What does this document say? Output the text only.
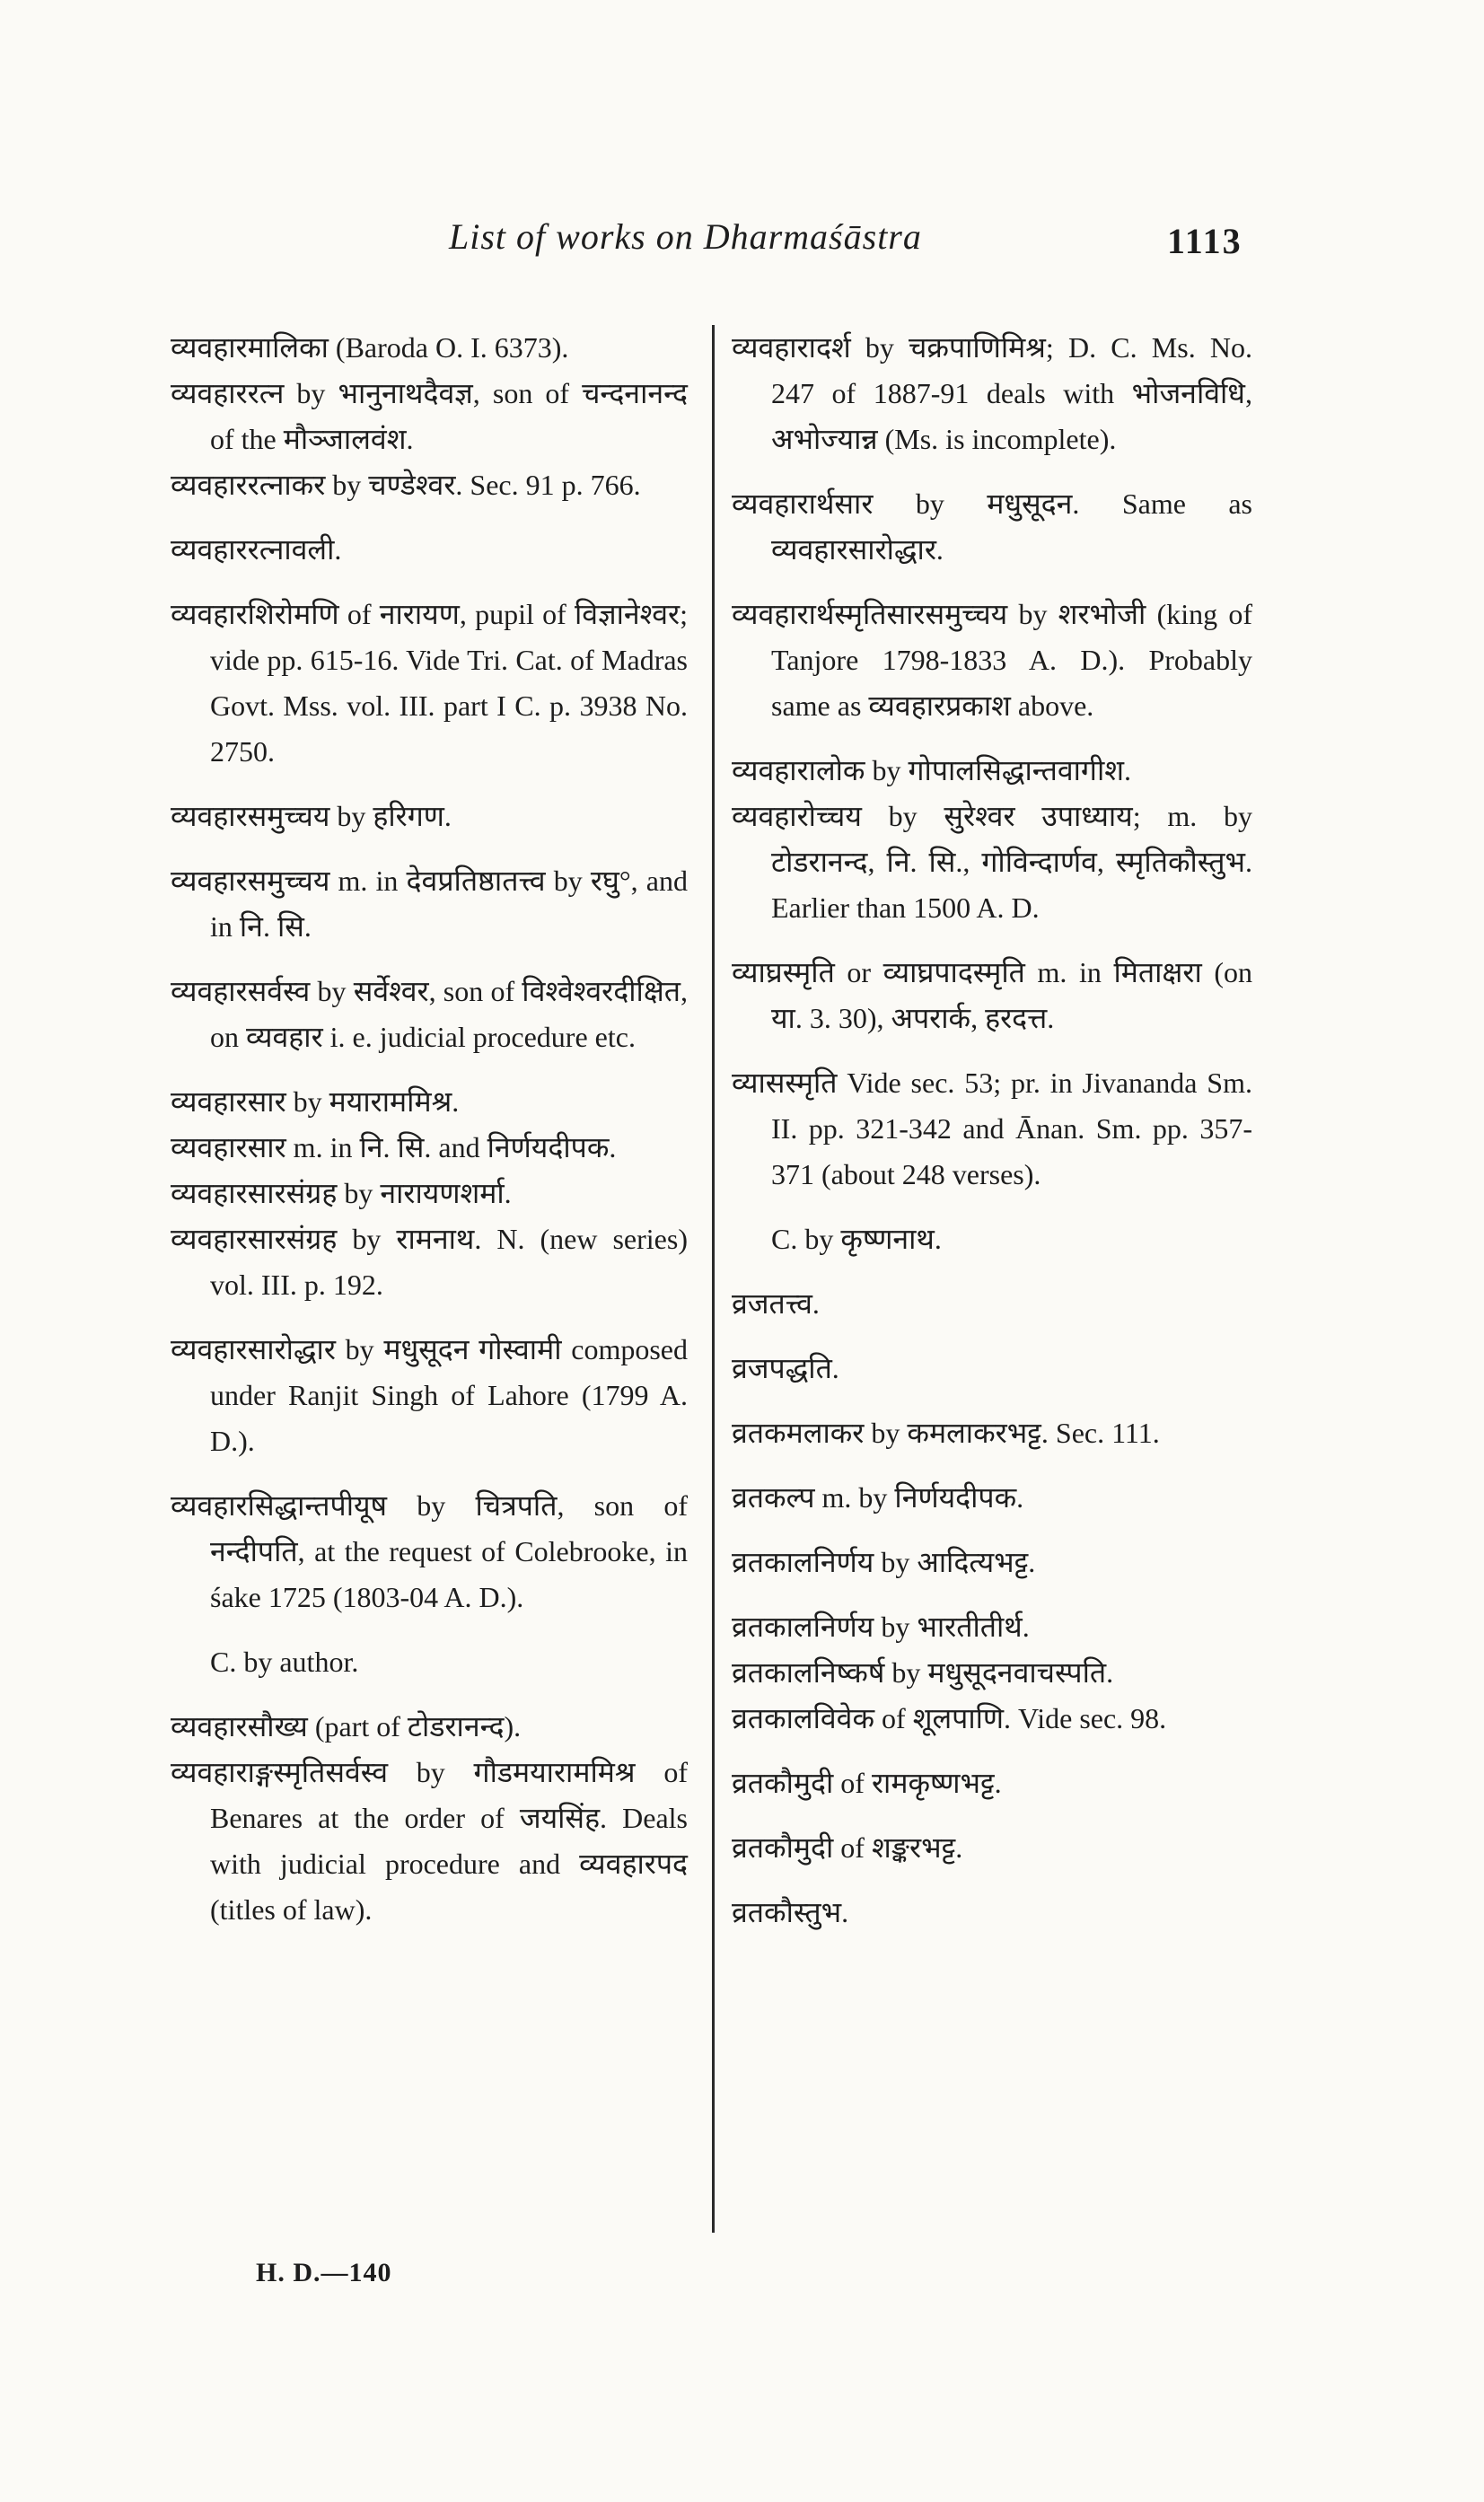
List of works on Dharmaśāstra	1113

व्यवहारमालिका (Baroda O. I. 6373).

व्यवहाररत्न by भानुनाथदैवज्ञ, son of चन्दनानन्द of the मौञ्जालवंश.

व्यवहाररत्नाकर by चण्डेश्वर. Sec. 91 p. 766.

व्यवहाररत्नावली.

व्यवहारशिरोमणि of नारायण, pupil of विज्ञानेश्वर; vide pp. 615-16. Vide Tri. Cat. of Madras Govt. Mss. vol. III. part I C. p. 3938 No. 2750.

व्यवहारसमुच्चय by हरिगण.

व्यवहारसमुच्चय m. in देवप्रतिष्ठातत्त्व by रघु°, and in नि. सि.

व्यवहारसर्वस्व by सर्वेश्वर, son of विश्वेश्वरदीक्षित, on व्यवहार i. e. judicial procedure etc.

व्यवहारसार by मयाराममिश्र.

व्यवहारसार m. in नि. सि. and निर्णयदीपक.

व्यवहारसारसंग्रह by नारायणशर्मा.

व्यवहारसारसंग्रह by रामनाथ. N. (new series) vol. III. p. 192.

व्यवहारसारोद्धार by मधुसूदन गोस्वामी composed under Ranjit Singh of Lahore (1799 A. D.).

व्यवहारसिद्धान्तपीयूष by चित्रपति, son of नन्दीपति, at the request of Colebrooke, in śake 1725 (1803-04 A. D.).

C. by author.

व्यवहारसौख्य (part of टोडरानन्द).

व्यवहाराङ्गस्मृतिसर्वस्व by गौडमयाराममिश्र of Benares at the order of जयसिंह. Deals with judicial procedure and व्यवहारपद (titles of law).

व्यवहारादर्श by चक्रपाणिमिश्र; D. C. Ms. No. 247 of 1887-91 deals with भोजनविधि, अभोज्यान्न (Ms. is incomplete).

व्यवहारार्थसार by मधुसूदन. Same as व्यवहारसारोद्धार.

व्यवहारार्थस्मृतिसारसमुच्चय by शरभोजी (king of Tanjore 1798-1833 A. D.). Probably same as व्यवहारप्रकाश above.

व्यवहारालोक by गोपालसिद्धान्तवागीश.

व्यवहारोच्चय by सुरेश्वर उपाध्याय; m. by टोडरानन्द, नि. सि., गोविन्दार्णव, स्मृतिकौस्तुभ. Earlier than 1500 A. D.

व्याघ्रस्मृति or व्याघ्रपादस्मृति m. in मिताक्षरा (on या. 3. 30), अपरार्क, हरदत्त.

व्यासस्मृति Vide sec. 53; pr. in Jivananda Sm. II. pp. 321-342 and Ānan. Sm. pp. 357-371 (about 248 verses).

C. by कृष्णनाथ.

व्रजतत्त्व.

व्रजपद्धति.

व्रतकमलाकर by कमलाकरभट्ट. Sec. 111.

व्रतकल्प m. by निर्णयदीपक.

व्रतकालनिर्णय by आदित्यभट्ट.

व्रतकालनिर्णय by भारतीतीर्थ.

व्रतकालनिष्कर्ष by मधुसूदनवाचस्पति.

व्रतकालविवेक of शूलपाणि. Vide sec. 98.

व्रतकौमुदी of रामकृष्णभट्ट.

व्रतकौमुदी of शङ्करभट्ट.

व्रतकौस्तुभ.

H. D.—140
